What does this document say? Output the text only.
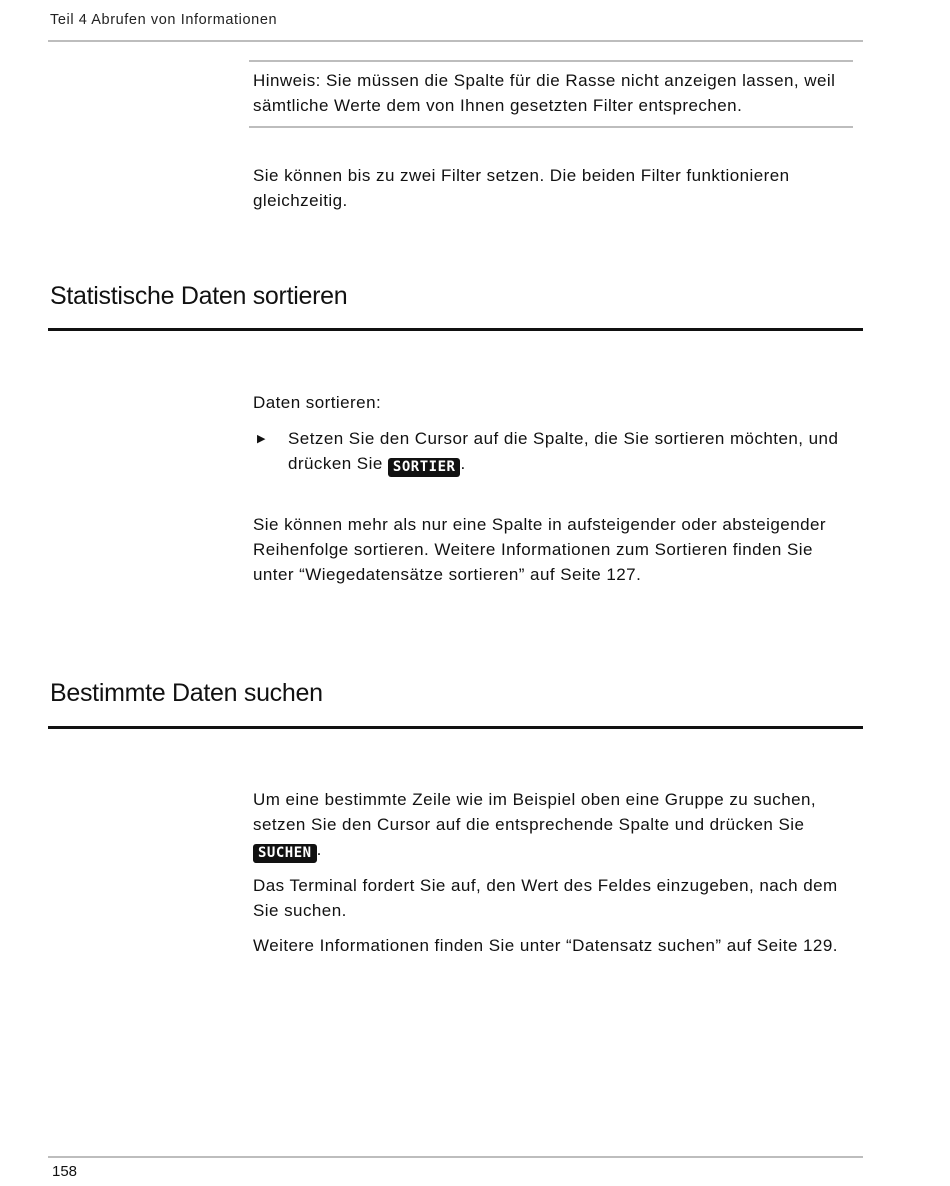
Teil 4 Abrufen von Informationen

Hinweis: Sie müssen die Spalte für die Rasse nicht anzeigen lassen, weil sämtliche Werte dem von Ihnen gesetzten Filter entsprechen.

Sie können bis zu zwei Filter setzen. Die beiden Filter funktionieren gleichzeitig.

Statistische Daten sortieren

Daten sortieren:

▶ Setzen Sie den Cursor auf die Spalte, die Sie sortieren möchten, und drücken Sie SORTIER .

Sie können mehr als nur eine Spalte in aufsteigender oder absteigender Reihenfolge sortieren. Weitere Informationen zum Sortieren finden Sie unter “Wiegedatensätze sortieren” auf Seite 127.

Bestimmte Daten suchen

Um eine bestimmte Zeile wie im Beispiel oben eine Gruppe zu suchen, setzen Sie den Cursor auf die entsprechende Spalte und drücken Sie SUCHEN .

Das Terminal fordert Sie auf, den Wert des Feldes einzugeben, nach dem Sie suchen.

Weitere Informationen finden Sie unter “Datensatz suchen” auf Seite 129.

158
